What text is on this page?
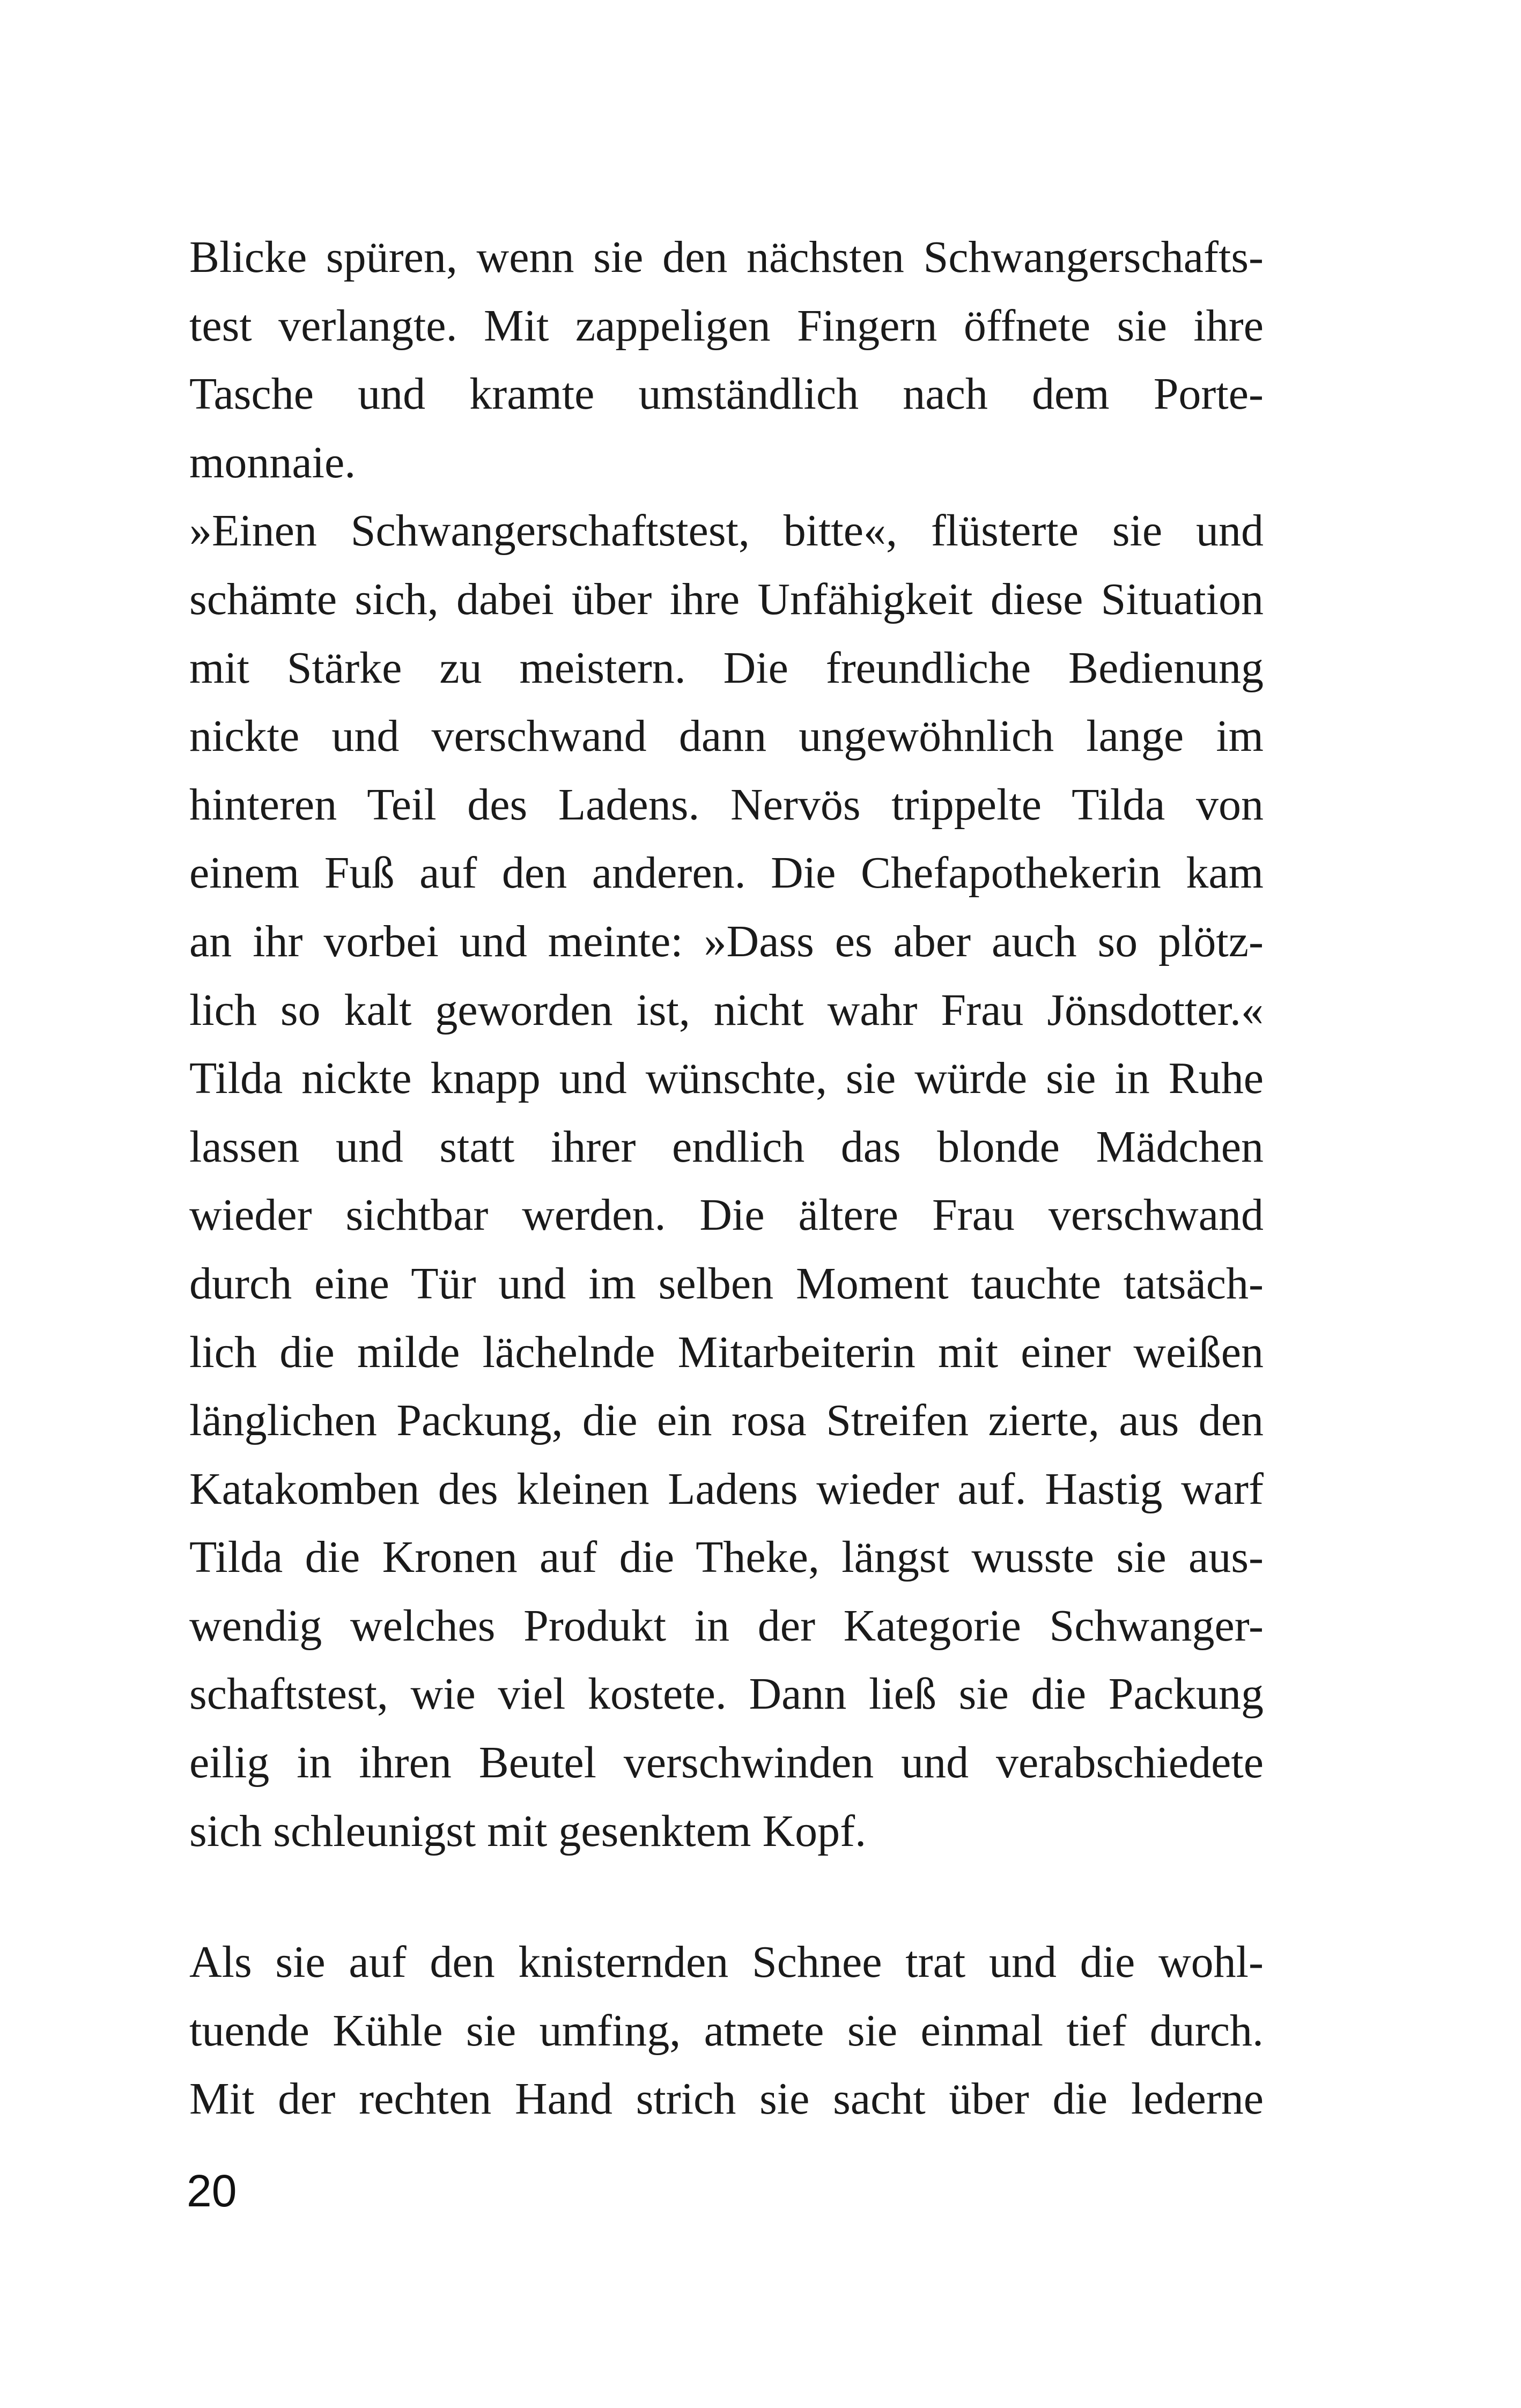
Blicke spüren, wenn sie den nächsten Schwangerschafts-
test verlangte. Mit zappeligen Fingern öffnete sie ihre
Tasche und kramte umständlich nach dem Porte-
monnaie.
»Einen Schwangerschaftstest, bitte«, flüsterte sie und
schämte sich, dabei über ihre Unfähigkeit diese Situation
mit Stärke zu meistern. Die freundliche Bedienung
nickte und verschwand dann ungewöhnlich lange im
hinteren Teil des Ladens. Nervös trippelte Tilda von
einem Fuß auf den anderen. Die Chefapothekerin kam
an ihr vorbei und meinte: »Dass es aber auch so plötz-
lich so kalt geworden ist, nicht wahr Frau Jönsdotter.«
Tilda nickte knapp und wünschte, sie würde sie in Ruhe
lassen und statt ihrer endlich das blonde Mädchen
wieder sichtbar werden. Die ältere Frau verschwand
durch eine Tür und im selben Moment tauchte tatsäch-
lich die milde lächelnde Mitarbeiterin mit einer weißen
länglichen Packung, die ein rosa Streifen zierte, aus den
Katakomben des kleinen Ladens wieder auf. Hastig warf
Tilda die Kronen auf die Theke, längst wusste sie aus-
wendig welches Produkt in der Kategorie Schwanger-
schaftstest, wie viel kostete. Dann ließ sie die Packung
eilig in ihren Beutel verschwinden und verabschiedete
sich schleunigst mit gesenktem Kopf.
Als sie auf den knisternden Schnee trat und die wohl-
tuende Kühle sie umfing, atmete sie einmal tief durch.
Mit der rechten Hand strich sie sacht über die lederne
20
